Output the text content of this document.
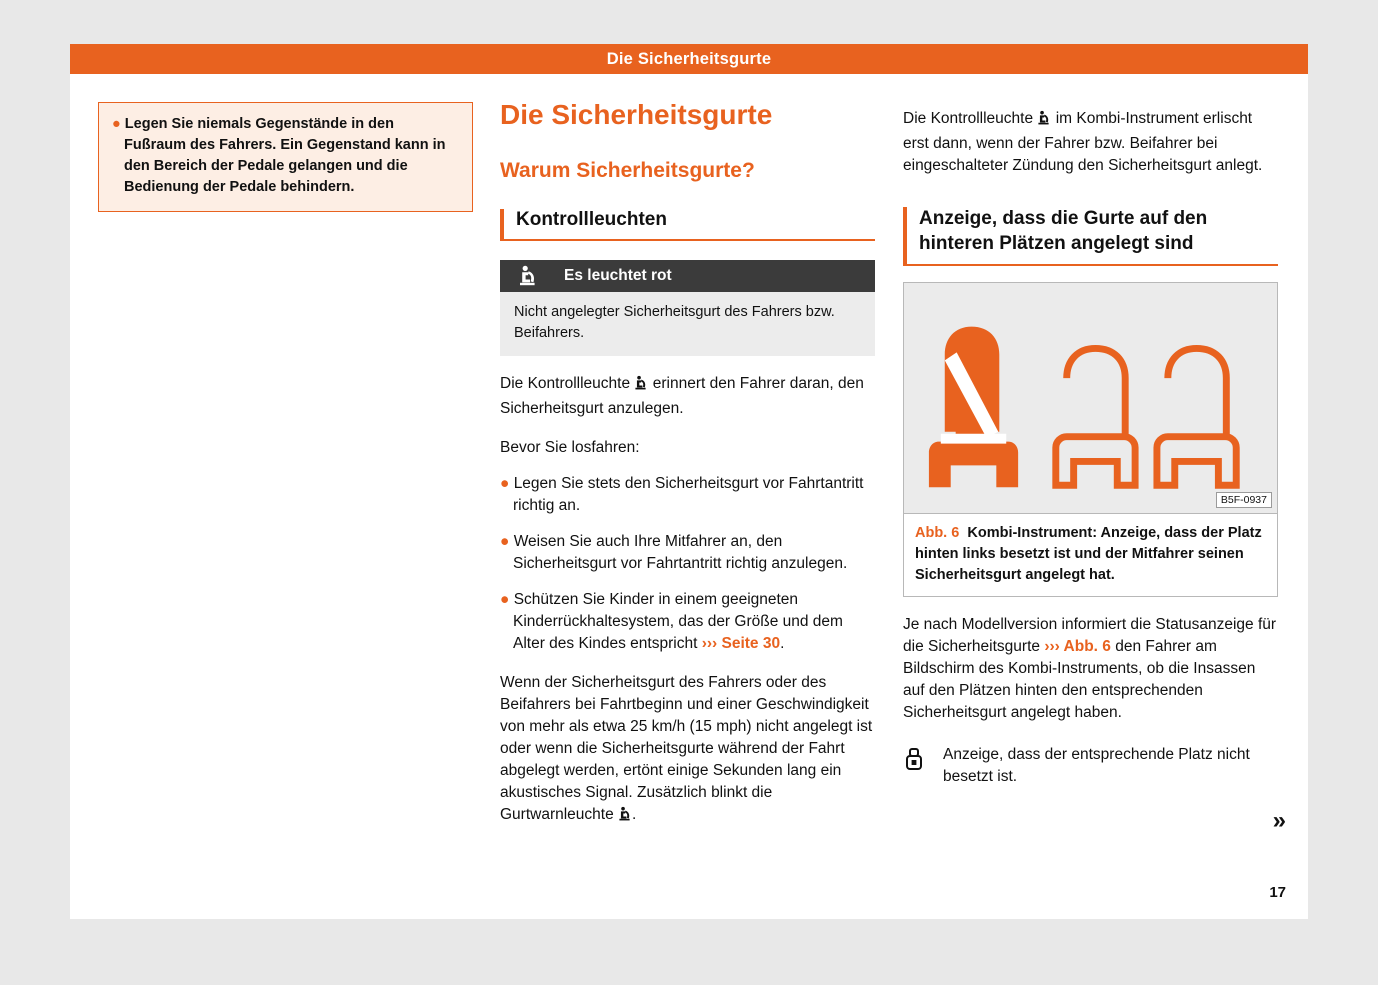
Die Sicherheitsgurte

● Legen Sie niemals Gegenstände in den Fußraum des Fahrers. Ein Gegenstand kann in den Bereich der Pedale gelangen und die Bedienung der Pedale behindern.

Die Sicherheitsgurte
Warum Sicherheitsgurte?
Kontrollleuchten
Es leuchtet rot
Nicht angelegter Sicherheitsgurt des Fahrers bzw. Beifahrers.

Die Kontrollleuchte erinnert den Fahrer daran, den Sicherheitsgurt anzulegen.

Bevor Sie losfahren:

● Legen Sie stets den Sicherheitsgurt vor Fahrtantritt richtig an.

● Weisen Sie auch Ihre Mitfahrer an, den Sicherheitsgurt vor Fahrtantritt richtig anzulegen.

● Schützen Sie Kinder in einem geeigneten Kinderrückhaltesystem, das der Größe und dem Alter des Kindes entspricht ››› Seite 30.

Wenn der Sicherheitsgurt des Fahrers oder des Beifahrers bei Fahrtbeginn und einer Geschwindigkeit von mehr als etwa 25 km/h (15 mph) nicht angelegt ist oder wenn die Sicherheitsgurte während der Fahrt abgelegt werden, ertönt einige Sekunden lang ein akustisches Signal. Zusätzlich blinkt die Gurtwarnleuchte .

Die Kontrollleuchte im Kombi-Instrument erlischt erst dann, wenn der Fahrer bzw. Beifahrer bei eingeschalteter Zündung den Sicherheitsgurt anlegt.

Anzeige, dass die Gurte auf den hinteren Plätzen angelegt sind
B5F-0937
Abb. 6 Kombi-Instrument: Anzeige, dass der Platz hinten links besetzt ist und der Mitfahrer seinen Sicherheitsgurt angelegt hat.

Je nach Modellversion informiert die Statusanzeige für die Sicherheitsgurte ››› Abb. 6 den Fahrer am Bildschirm des Kombi-Instruments, ob die Insassen auf den Plätzen hinten den entsprechenden Sicherheitsgurt angelegt haben.

Anzeige, dass der entsprechende Platz nicht besetzt ist.
»
17
